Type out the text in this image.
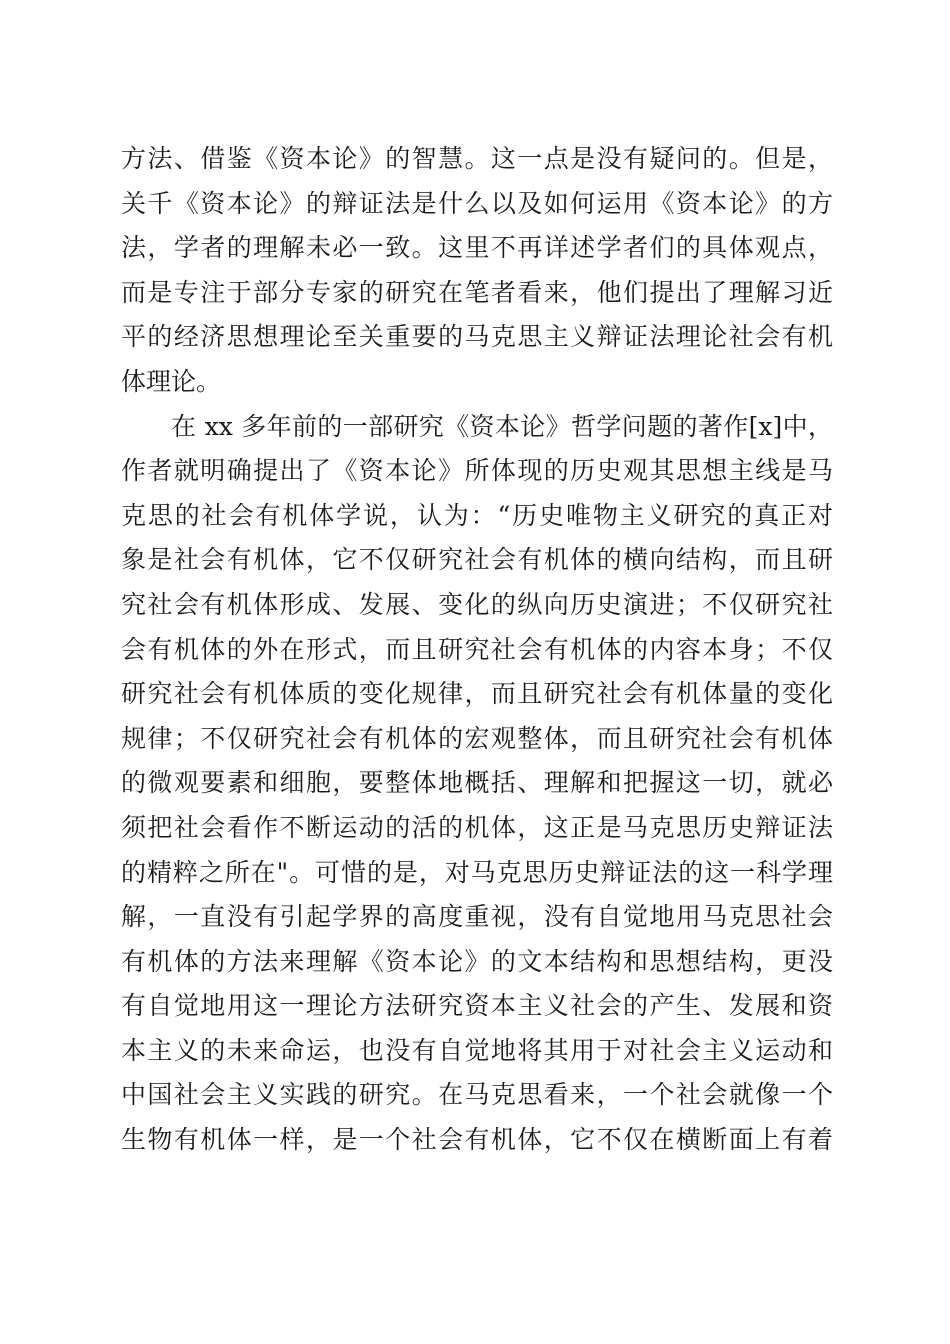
方法、借鉴《资本论》的智慧。这一点是没有疑问的。但是，
关千《资本论》的辩证法是什么以及如何运用《资本论》的方
法，学者的理解未必一致。这里不再详述学者们的具体观点，
而是专注于部分专家的研究在笔者看来，他们提出了理解习近
平的经济思想理论至关重要的马克思主义辩证法理论社会有机
体理论。
在 xx 多年前的一部研究《资本论》哲学问题的著作[x]中，
作者就明确提出了《资本论》所体现的历史观其思想主线是马
克思的社会有机体学说，认为：“历史唯物主义研究的真正对
象是社会有机体，它不仅研究社会有机体的横向结构，而且研
究社会有机体形成、发展、变化的纵向历史演进；不仅研究社
会有机体的外在形式，而且研究社会有机体的内容本身；不仅
研究社会有机体质的变化规律，而且研究社会有机体量的变化
规律；不仅研究社会有机体的宏观整体，而且研究社会有机体
的微观要素和细胞，要整体地概括、理解和把握这一切，就必
须把社会看作不断运动的活的机体，这正是马克思历史辩证法
的精粹之所在"。可惜的是，对马克思历史辩证法的这一科学理
解，一直没有引起学界的高度重视，没有自觉地用马克思社会
有机体的方法来理解《资本论》的文本结构和思想结构，更没
有自觉地用这一理论方法研究资本主义社会的产生、发展和资
本主义的未来命运，也没有自觉地将其用于对社会主义运动和
中国社会主义实践的研究。在马克思看来，一个社会就像一个
生物有机体一样，是一个社会有机体，它不仅在横断面上有着
